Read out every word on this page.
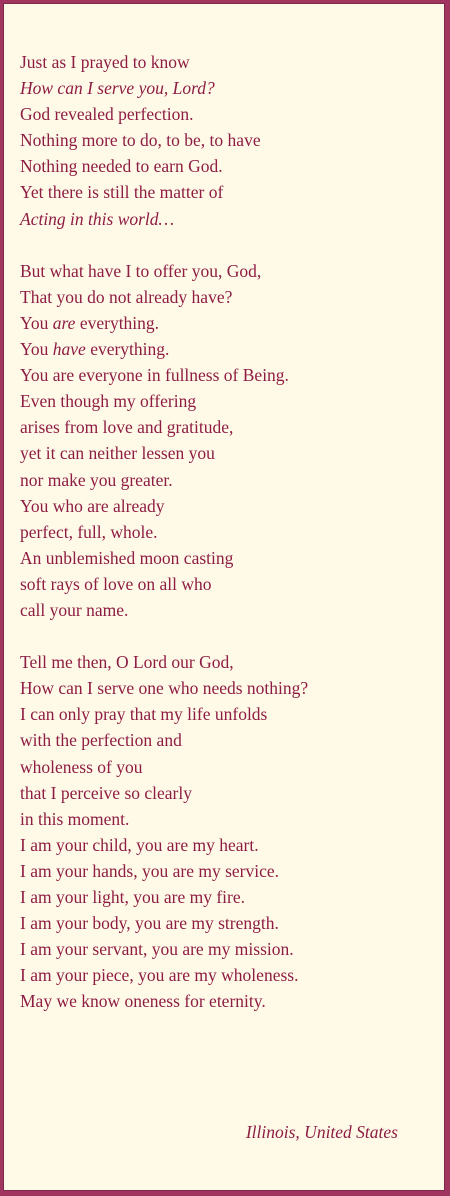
Just as I prayed to know
How can I serve you, Lord?
God revealed perfection.
Nothing more to do, to be, to have
Nothing needed to earn God.
Yet there is still the matter of
Acting in this world…
But what have I to offer you, God,
That you do not already have?
You are everything.
You have everything.
You are everyone in fullness of Being.
Even though my offering
arises from love and gratitude,
yet it can neither lessen you
nor make you greater.
You who are already
perfect, full, whole.
An unblemished moon casting
soft rays of love on all who
call your name.
Tell me then, O Lord our God,
How can I serve one who needs nothing?
I can only pray that my life unfolds
with the perfection and
wholeness of you
that I perceive so clearly
in this moment.
I am your child, you are my heart.
I am your hands, you are my service.
I am your light, you are my fire.
I am your body, you are my strength.
I am your servant, you are my mission.
I am your piece, you are my wholeness.
May we know oneness for eternity.
Illinois, United States
